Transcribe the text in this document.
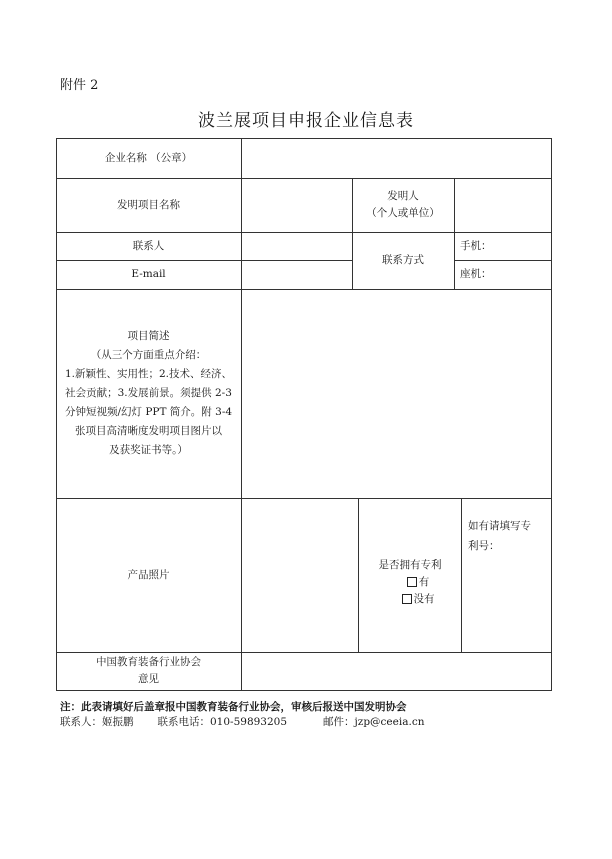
附件 2
波兰展项目申报企业信息表
企业名称 （公章）
发明项目名称
发明人
（个人或单位）
联系人
联系方式
手机：
E-mail	座机：
项目简述
（从三个方面重点介绍：
1.新颖性、实用性；2.技术、经济、
社会贡献；3.发展前景。须提供 2-3
分钟短视频/幻灯 PPT 简介。附 3-4
张项目高清晰度发明项目图片以
及获奖证书等。）
产品照片
是否拥有专利
有
没有
如有请填写专
利号：
中国教育装备行业协会
意见
注：此表请填好后盖章报中国教育装备行业协会，审核后报送中国发明协会
联系人：姬振鹏 联系电话：010-59893205	邮件：jzp@ceeia.cn
